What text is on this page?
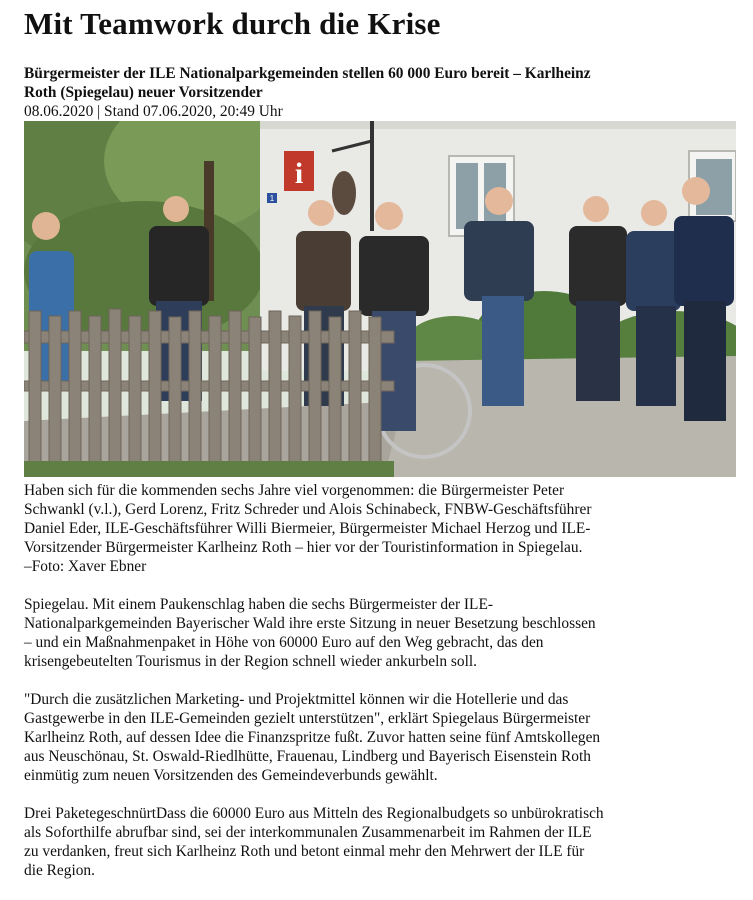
Mit Teamwork durch die Krise
Bürgermeister der ILE Nationalparkgemeinden stellen 60 000 Euro bereit – Karlheinz
Roth (Spiegelau) neuer Vorsitzender
08.06.2020 | Stand 07.06.2020, 20:49 Uhr
i
1
Haben sich für die kommenden sechs Jahre viel vorgenommen: die Bürgermeister Peter
Schwankl (v.l.), Gerd Lorenz, Fritz Schreder und Alois Schinabeck, FNBW-Geschäftsführer
Daniel Eder, ILE-Geschäftsführer Willi Biermeier, Bürgermeister Michael Herzog und ILE-
Vorsitzender Bürgermeister Karlheinz Roth – hier vor der Touristinformation in Spiegelau.
–Foto: Xaver Ebner
Spiegelau. Mit einem Paukenschlag haben die sechs Bürgermeister der ILE-
Nationalparkgemeinden Bayerischer Wald ihre erste Sitzung in neuer Besetzung beschlossen
– und ein Maßnahmenpaket in Höhe von 60000 Euro auf den Weg gebracht, das den
krisengebeutelten Tourismus in der Region schnell wieder ankurbeln soll.
"Durch die zusätzlichen Marketing- und Projektmittel können wir die Hotellerie und das
Gastgewerbe in den ILE-Gemeinden gezielt unterstützen", erklärt Spiegelaus Bürgermeister
Karlheinz Roth, auf dessen Idee die Finanzspritze fußt. Zuvor hatten seine fünf Amtskollegen
aus Neuschönau, St. Oswald-Riedlhütte, Frauenau, Lindberg und Bayerisch Eisenstein Roth
einmütig zum neuen Vorsitzenden des Gemeindeverbunds gewählt.
Drei PaketegeschnürtDass die 60000 Euro aus Mitteln des Regionalbudgets so unbürokratisch
als Soforthilfe abrufbar sind, sei der interkommunalen Zusammenarbeit im Rahmen der ILE
zu verdanken, freut sich Karlheinz Roth und betont einmal mehr den Mehrwert der ILE für
die Region.
